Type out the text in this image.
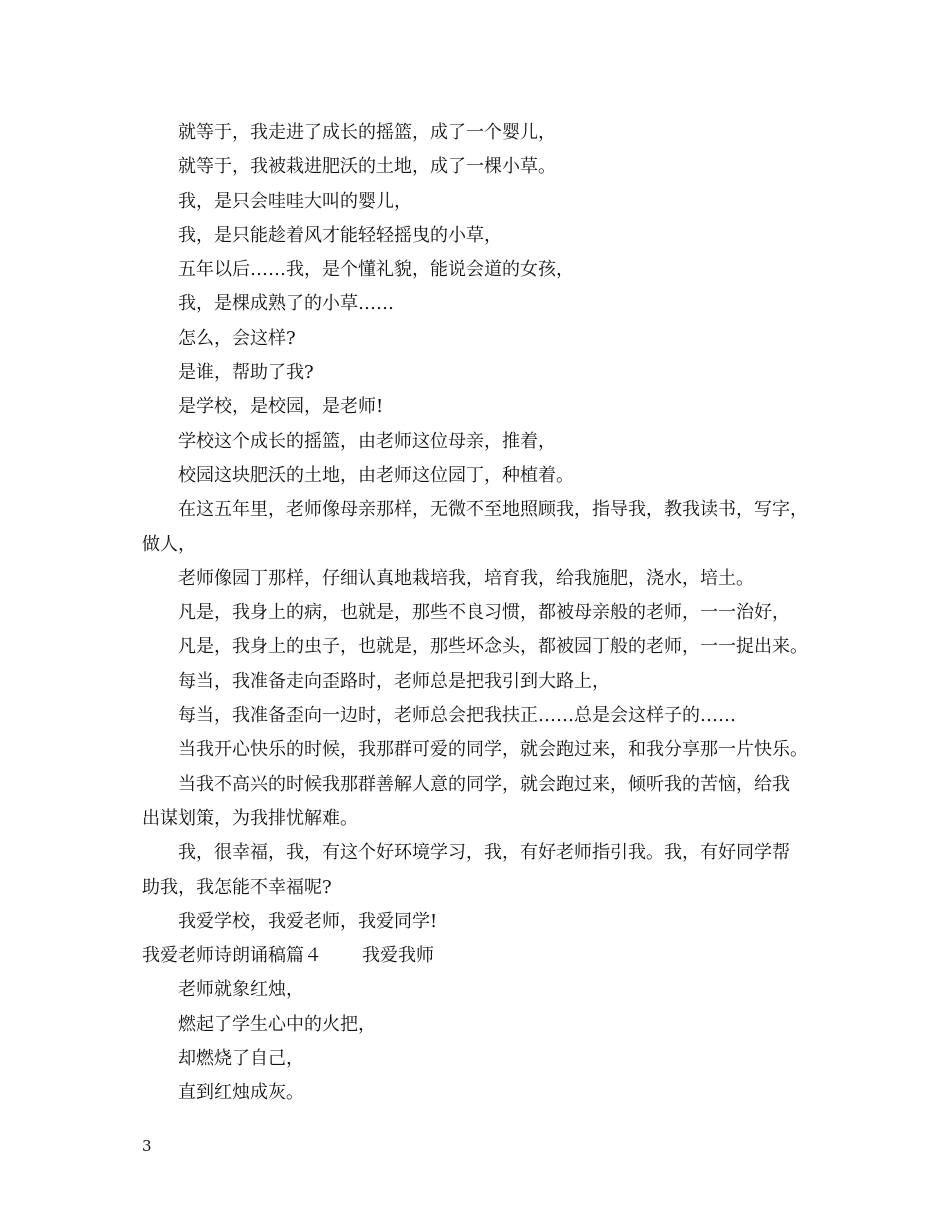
就等于，我走进了成长的摇篮，成了一个婴儿，
就等于，我被栽进肥沃的土地，成了一棵小草。
我，是只会哇哇大叫的婴儿，
我，是只能趁着风才能轻轻摇曳的小草，
五年以后……我，是个懂礼貌，能说会道的女孩，
我，是棵成熟了的小草……
怎么，会这样?
是谁，帮助了我?
是学校，是校园，是老师!
学校这个成长的摇篮，由老师这位母亲，推着，
校园这块肥沃的土地，由老师这位园丁，种植着。
在这五年里，老师像母亲那样，无微不至地照顾我，指导我，教我读书，写字，
做人，
老师像园丁那样，仔细认真地栽培我，培育我，给我施肥，浇水，培土。
凡是，我身上的病，也就是，那些不良习惯，都被母亲般的老师，一一治好，
凡是，我身上的虫子，也就是，那些坏念头，都被园丁般的老师，一一捉出来。
每当，我准备走向歪路时，老师总是把我引到大路上，
每当，我准备歪向一边时，老师总会把我扶正……总是会这样子的……
当我开心快乐的时候，我那群可爱的同学，就会跑过来，和我分享那一片快乐。
当我不高兴的时候我那群善解人意的同学，就会跑过来，倾听我的苦恼，给我
出谋划策，为我排忧解难。
我，很幸福，我，有这个好环境学习，我，有好老师指引我。我，有好同学帮
助我，我怎能不幸福呢?
我爱学校，我爱老师，我爱同学!
我爱老师诗朗诵稿篇４ 我爱我师
老师就象红烛，
燃起了学生心中的火把，
却燃烧了自己，
直到红烛成灰。
3
